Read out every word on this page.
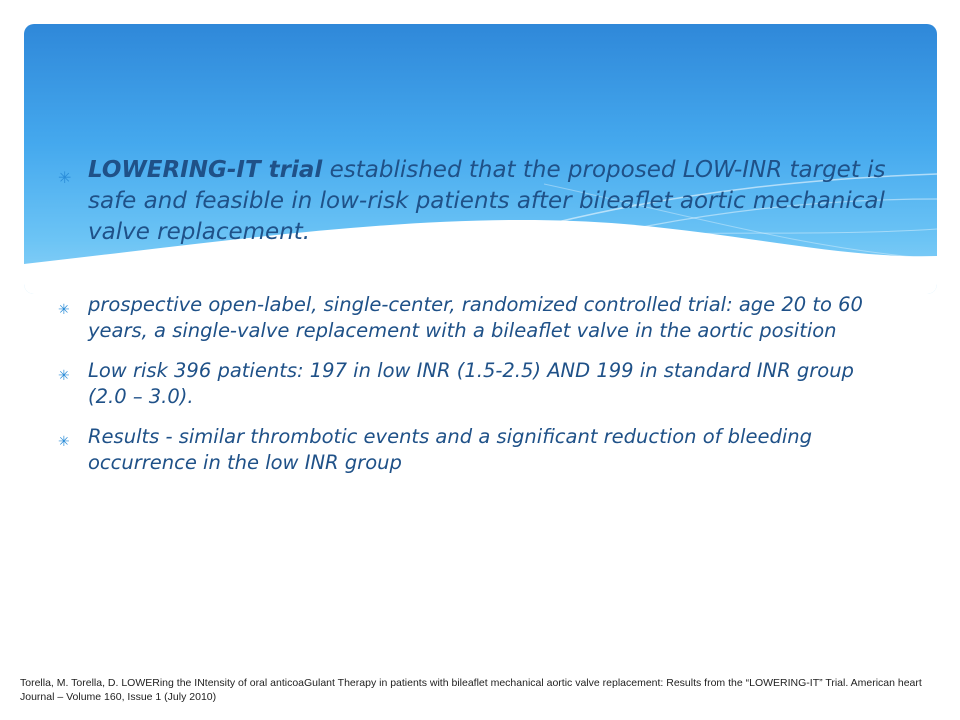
✳ LOWERING-IT trial established that the proposed LOW-INR target is safe and feasible in low-risk patients after bileaflet aortic mechanical valve replacement.
✳ prospective open-label, single-center, randomized controlled trial: age 20 to 60 years, a single-valve replacement with a bileaflet valve in the aortic position
✳ Low risk 396 patients: 197 in low INR (1.5-2.5) AND 199 in standard INR group (2.0 – 3.0).
✳ Results - similar thrombotic events and a significant reduction of bleeding occurrence in the low INR group
Torella, M. Torella, D. LOWERing the INtensity of oral anticoaGulant Therapy in patients with bileaflet mechanical aortic valve replacement: Results from the “LOWERING-IT” Trial. American heart Journal – Volume 160, Issue 1 (July 2010)
